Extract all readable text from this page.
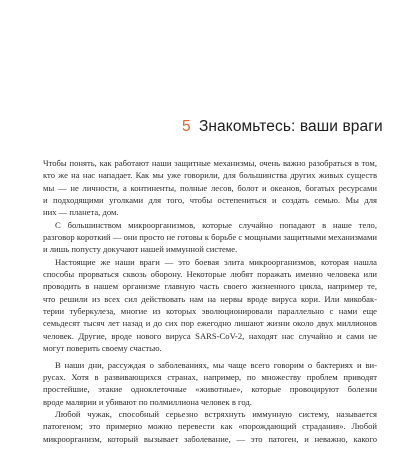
5 Знакомьтесь: ваши враги
Чтобы понять, как работают наши защитные механизмы, очень важно разобраться в том,
кто же на нас нападает. Как мы уже говорили, для большинства других живых существ
мы — не личности, а континенты, полные лесов, болот и океанов, богатых ресурсами
и подходящими уголками для того, чтобы остепениться и создать семью. Мы для
них — планета, дом.
С большинством микроорганизмов, которые случайно попадают в наше тело,
разговор короткий — они просто не готовы к борьбе с мощными защитными механизмами
и лишь попусту докучают нашей иммунной системе.
Настоящие же наши враги — это боевая элита микроорганизмов, которая нашла
способы прорваться сквозь оборону. Некоторые любят поражать именно человека или
проводить в нашем организме главную часть своего жизненного цикла, например те,
что решили из всех сил действовать нам на нервы вроде вируса кори. Или микобак-
терии туберкулеза, многие из которых эволюционировали параллельно с нами еще
семьдесят тысяч лет назад и до сих пор ежегодно лишают жизни около двух миллионов
человек. Другие, вроде нового вируса SARS-CoV-2, находят нас случайно и сами не
могут поверить своему счастью.
В наши дни, рассуждая о заболеваниях, мы чаще всего говорим о бактериях и ви-
русах. Хотя в развивающихся странах, например, по множеству проблем приводят
простейшие, этакие одноклеточные «животные», которые провоцируют болезни
вроде малярии и убивают по полмиллиона человек в год.
Любой чужак, способный серьезно встряхнуть иммунную систему, называется
патогеном; это примерно можно перевести как «порождающий страдания». Любой
микроорганизм, который вызывает заболевание, — это патоген, и неважно, какого
